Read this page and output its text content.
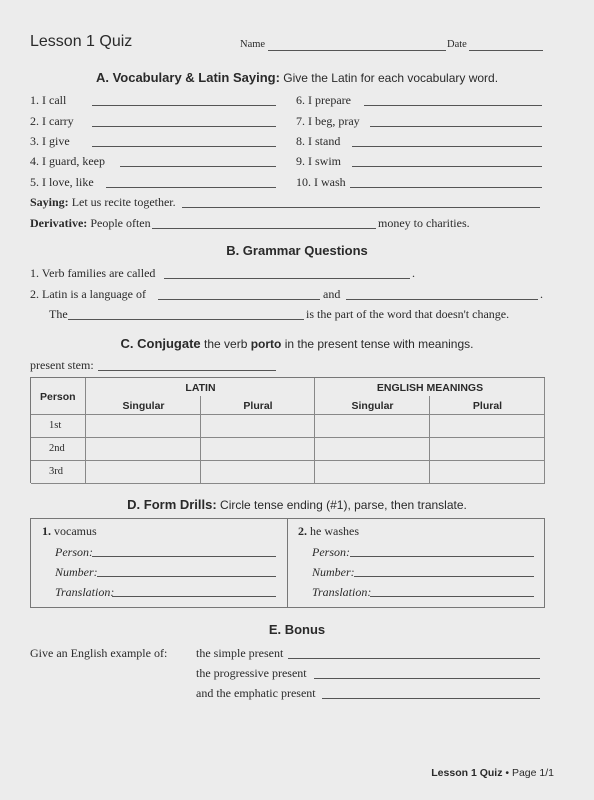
Lesson 1 Quiz	Name	Date
A. Vocabulary & Latin Saying: Give the Latin for each vocabulary word.
1. I call
2. I carry
3. I give
4. I guard, keep
5. I love, like
6. I prepare
7. I beg, pray
8. I stand
9. I swim
10. I wash
Saying: Let us recite together.
Derivative: People often	money to charities.
B. Grammar Questions
1. Verb families are called	.
2. Latin is a language of	and	.
The	is the part of the word that doesn't change.
C. Conjugate the verb porto in the present tense with meanings.
present stem:
Person
LATIN	ENGLISH MEANINGS
Singular	Plural	Singular	Plural
1st
2nd
3rd
D. Form Drills: Circle tense ending (#1), parse, then translate.
1. vocamus
Person:
Number:
Translation:
2. he washes
Person:
Number:
Translation:
E. Bonus
Give an English example of: the simple present
the progressive present
and the emphatic present
Lesson 1 Quiz • Page 1/1
